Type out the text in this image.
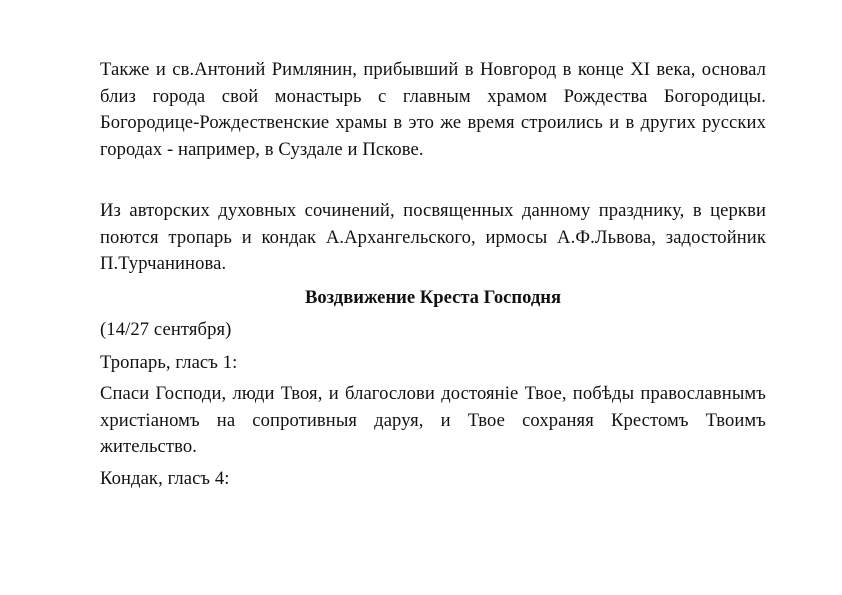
Также и св.Антоний Римлянин, прибывший в Новгород в конце XI века, основал близ города свой монастырь с главным храмом Рождества Богородицы. Богородице-Рождественские храмы в это же время строились и в других русских городах - например, в Суздале и Пскове.

Из авторских духовных сочинений, посвященных данному празднику, в церкви поются тропарь и кондак А.Архангельского, ирмосы А.Ф.Львова, задостойник П.Турчанинова.

Воздвижение Креста Господня

(14/27 сентября)

Тропарь, гласъ 1:

Спаси Господи, люди Твоя, и благослови достояніе Твое, побѣды православнымъ христіаномъ на сопротивныя даруя, и Твое сохраняя Крестомъ Твоимъ жительство.

Кондак, гласъ 4:
